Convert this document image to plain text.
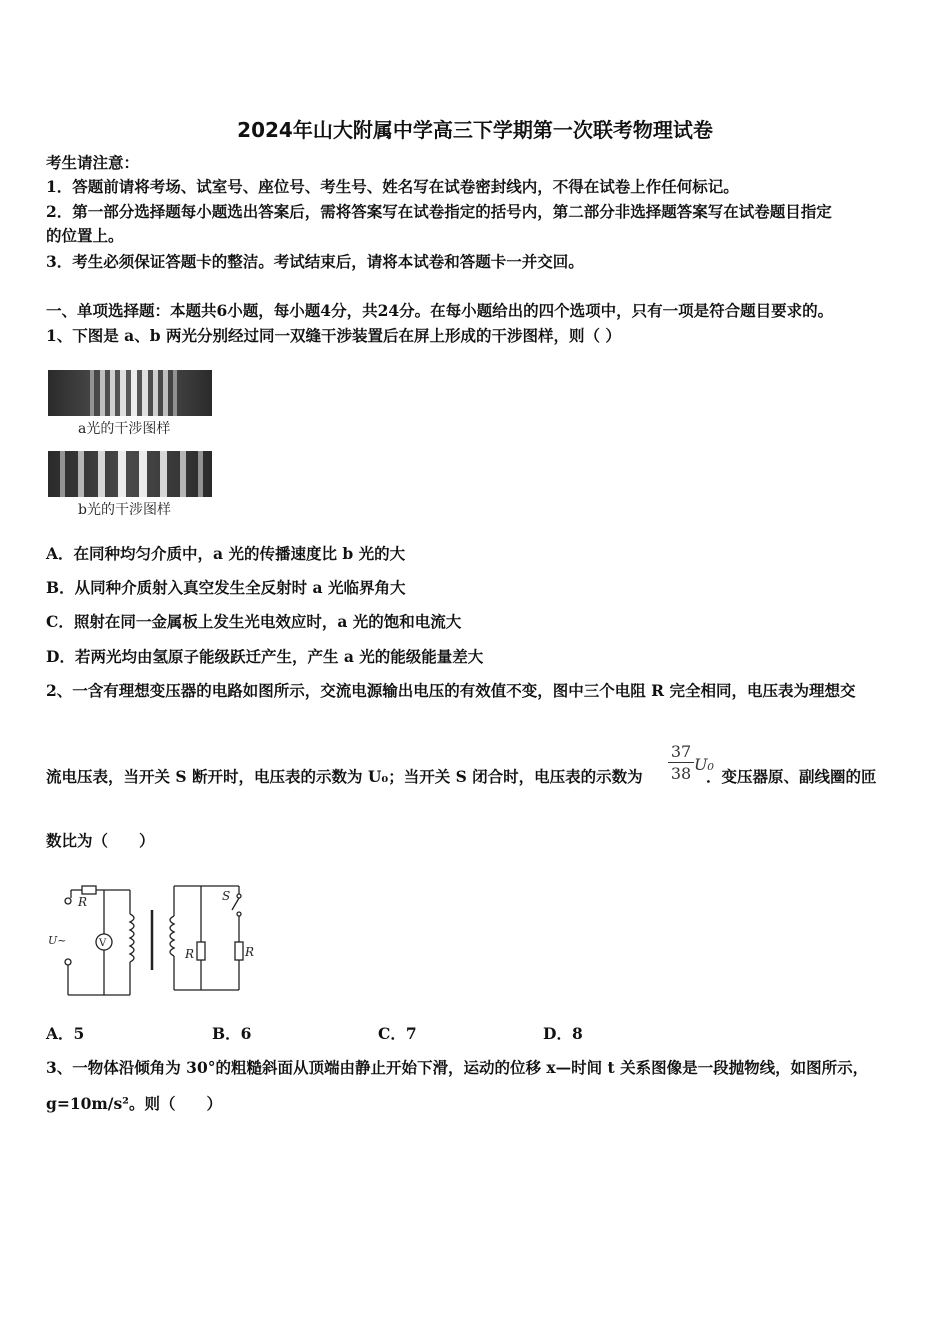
2024年山大附属中学高三下学期第一次联考物理试卷
考生请注意：
1．答题前请将考场、试室号、座位号、考生号、姓名写在试卷密封线内，不得在试卷上作任何标记。
2．第一部分选择题每小题选出答案后，需将答案写在试卷指定的括号内，第二部分非选择题答案写在试卷题目指定
的位置上。
3．考生必须保证答题卡的整洁。考试结束后，请将本试卷和答题卡一并交回。
一、单项选择题：本题共6小题，每小题4分，共24分。在每小题给出的四个选项中，只有一项是符合题目要求的。
1、下图是 a、b 两光分别经过同一双缝干涉装置后在屏上形成的干涉图样，则（ ）
a光的干涉图样
b光的干涉图样
A．在同种均匀介质中，a 光的传播速度比 b 光的大
B．从同种介质射入真空发生全反射时 a 光临界角大
C．照射在同一金属板上发生光电效应时，a 光的饱和电流大
D．若两光均由氢原子能级跃迁产生，产生 a 光的能级能量差大
2、一含有理想变压器的电路如图所示，交流电源输出电压的有效值不变，图中三个电阻 R 完全相同，电压表为理想交
流电压表，当开关 S 断开时，电压表的示数为 U₀；当开关 S 闭合时，电压表的示数为
37
38 U₀
．变压器原、副线圈的匝
数比为（　　）
R
U~	V
S
R	R
A．5	B．6	C．7	D．8
3、一物体沿倾角为 30°的粗糙斜面从顶端由静止开始下滑，运动的位移 x—时间 t 关系图像是一段抛物线，如图所示，
g=10m/s²。则（　　）
